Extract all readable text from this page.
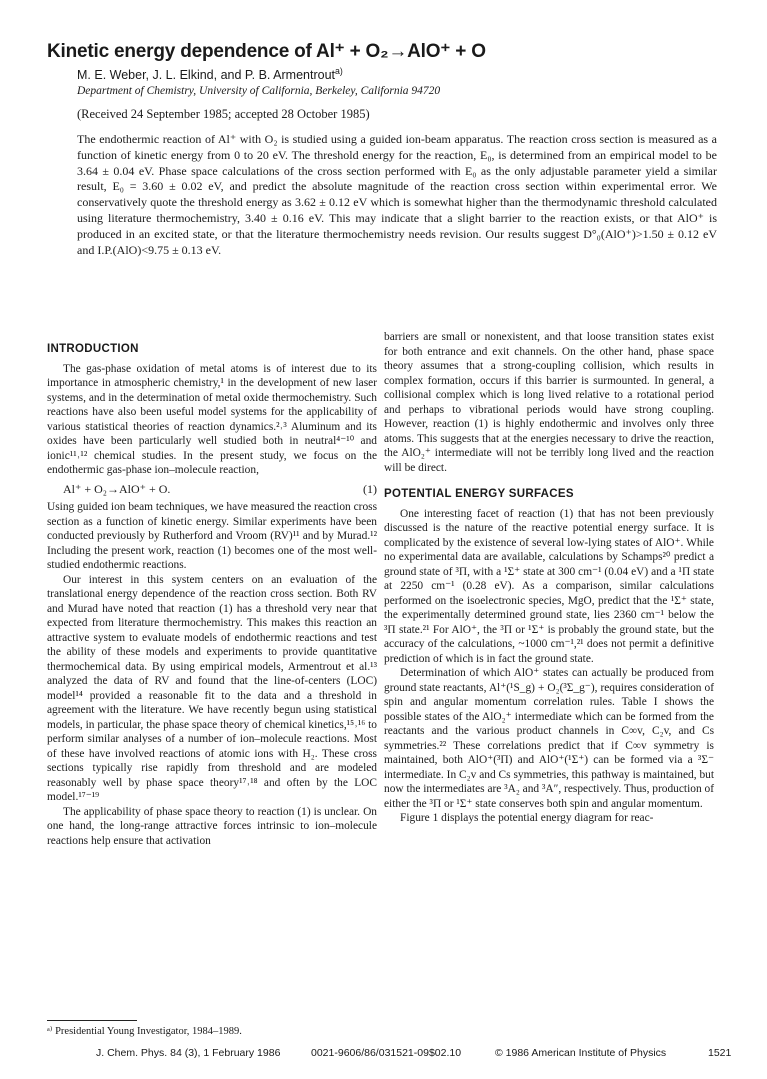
Kinetic energy dependence of Al⁺ + O₂→AlO⁺ + O
M. E. Weber, J. L. Elkind, and P. B. Armentrout$^{a)}$
Department of Chemistry, University of California, Berkeley, California 94720
(Received 24 September 1985; accepted 28 October 1985)

The endothermic reaction of Al⁺ with O₂ is studied using a guided ion-beam apparatus. The reaction cross section is measured as a function of kinetic energy from 0 to 20 eV. The threshold energy for the reaction, E₀, is determined from an empirical model to be 3.64 ± 0.04 eV. Phase space calculations of the cross section performed with E₀ as the only adjustable parameter yield a similar result, E₀ = 3.60 ± 0.02 eV, and predict the absolute magnitude of the reaction cross section within experimental error. We conservatively quote the threshold energy as 3.62 ± 0.12 eV which is somewhat higher than the thermodynamic threshold calculated using literature thermochemistry, 3.40 ± 0.16 eV. This may indicate that a slight barrier to the reaction exists, or that AlO⁺ is produced in an excited state, or that the literature thermochemistry needs revision. Our results suggest D°₀(AlO⁺)>1.50 ± 0.12 eV and I.P.(AlO)<9.75 ± 0.13 eV.

INTRODUCTION

The gas-phase oxidation of metal atoms is of interest due to its importance in atmospheric chemistry,¹ in the development of new laser systems, and in the determination of metal oxide thermochemistry. Such reactions have also been useful model systems for the applicability of various statistical theories of reaction dynamics.²˒³ Aluminum and its oxides have been particularly well studied both in neutral⁴⁻¹⁰ and ionic¹¹˒¹² chemical studies. In the present study, we focus on the endothermic gas-phase ion–molecule reaction,

Al⁺ + O₂→AlO⁺ + O.	(1)

Using guided ion beam techniques, we have measured the reaction cross section as a function of kinetic energy. Similar experiments have been conducted previously by Rutherford and Vroom (RV)¹¹ and by Murad.¹² Including the present work, reaction (1) becomes one of the most well-studied endothermic reactions.

Our interest in this system centers on an evaluation of the translational energy dependence of the reaction cross section. Both RV and Murad have noted that reaction (1) has a threshold very near that expected from literature thermochemistry. This makes this reaction an attractive system to evaluate models of endothermic reactions and test the ability of these models and experiments to provide quantitative thermochemical data. By using empirical models, Armentrout et al.¹³ analyzed the data of RV and found that the line-of-centers (LOC) model¹⁴ provided a reasonable fit to the data and a threshold in agreement with the literature. We have recently begun using statistical models, in particular, the phase space theory of chemical kinetics,¹⁵˒¹⁶ to perform similar analyses of a number of ion–molecule reactions. Most of these have involved reactions of atomic ions with H₂. These cross sections typically rise rapidly from threshold and are modeled reasonably well by phase space theory¹⁷˒¹⁸ and often by the LOC model.¹⁷⁻¹⁹

The applicability of phase space theory to reaction (1) is unclear. On one hand, the long-range attractive forces intrinsic to ion–molecule reactions help ensure that activation

barriers are small or nonexistent, and that loose transition states exist for both entrance and exit channels. On the other hand, phase space theory assumes that a strong-coupling collision, which results in complex formation, occurs if this barrier is surmounted. In general, a collisional complex which is long lived relative to a rotational period and perhaps to vibrational periods would have strong coupling. However, reaction (1) is highly endothermic and involves only three atoms. This suggests that at the energies necessary to drive the reaction, the AlO₂⁺ intermediate will not be terribly long lived and the reaction will be direct.

POTENTIAL ENERGY SURFACES

One interesting facet of reaction (1) that has not been previously discussed is the nature of the reactive potential energy surface. It is complicated by the existence of several low-lying states of AlO⁺. While no experimental data are available, calculations by Schamps²⁰ predict a ground state of ³Π, with a ¹Σ⁺ state at 300 cm⁻¹ (0.04 eV) and a ¹Π state at 2250 cm⁻¹ (0.28 eV). As a comparison, similar calculations performed on the isoelectronic species, MgO, predict that the ¹Σ⁺ state, the experimentally determined ground state, lies 2360 cm⁻¹ below the ³Π state.²¹ For AlO⁺, the ³Π or ¹Σ⁺ is probably the ground state, but the accuracy of the calculations, ~1000 cm⁻¹,²¹ does not permit a definitive prediction of which is in fact the ground state.

Determination of which AlO⁺ states can actually be produced from ground state reactants, Al⁺(¹S_g) + O₂(³Σ_g⁻), requires consideration of spin and angular momentum correlation rules. Table I shows the possible states of the AlO₂⁺ intermediate which can be formed from the reactants and the various product channels in C∞v, C₂v, and Cs symmetries.²² These correlations predict that if C∞v symmetry is maintained, both AlO⁺(³Π) and AlO⁺(¹Σ⁺) can be formed via a ³Σ⁻ intermediate. In C₂v and Cs symmetries, this pathway is maintained, but now the intermediates are ³A₂ and ³A″, respectively. Thus, production of either the ³Π or ¹Σ⁺ state conserves both spin and angular momentum.

Figure 1 displays the potential energy diagram for reac-

ᵃ⁾ Presidential Young Investigator, 1984–1989.
J. Chem. Phys. 84 (3), 1 February 1986	0021-9606/86/031521-09$02.10	© 1986 American Institute of Physics	1521
